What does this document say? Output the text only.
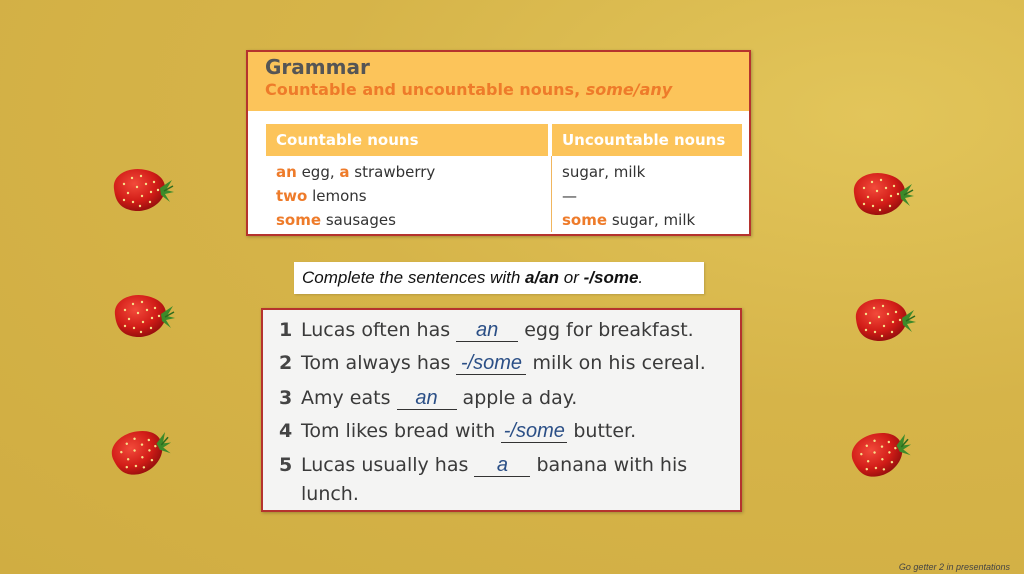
Grammar
Countable and uncountable nouns, some/any
Countable nouns	Uncountable nouns
an egg, a strawberry
two lemons
some sausages
sugar, milk
—
some sugar, milk
Complete the sentences with a/an or -/some.
1 Lucas often has an egg for breakfast.
2 Tom always has -/some milk on his cereal.
3 Amy eats an apple a day.
4 Tom likes bread with -/some butter.
5 Lucas usually has a banana with his
lunch.
Go getter 2 in presentations
